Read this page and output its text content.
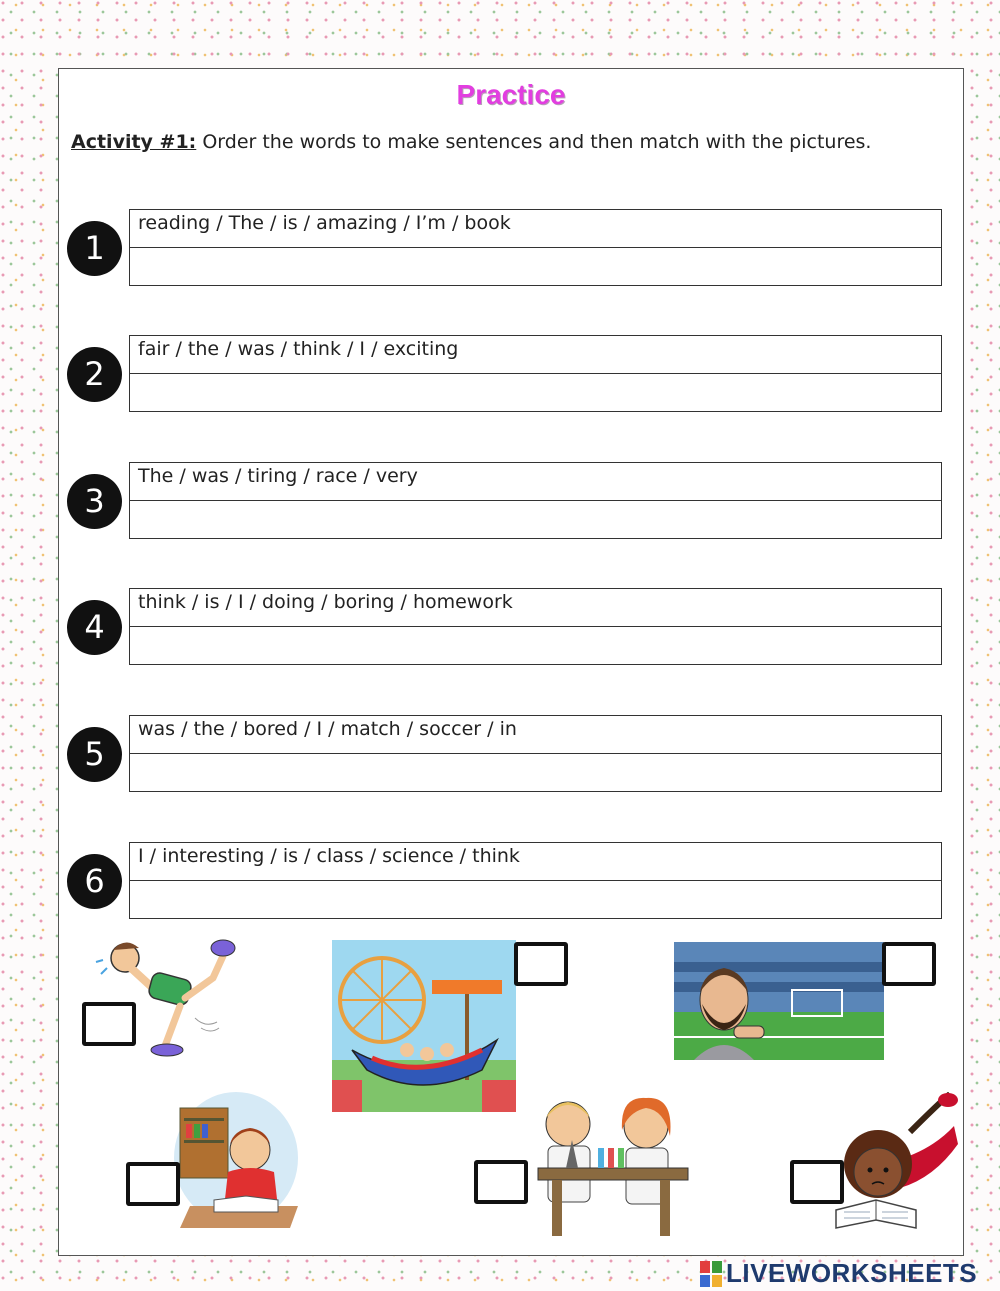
Practice
Activity #1: Order the words to make sentences and then match with the pictures.
1
reading / The / is / amazing / I’m / book
2
fair / the / was / think / I / exciting
3
The / was / tiring / race / very
4
think / is / I / doing / boring / homework
5
was / the / bored / I / match / soccer / in
6
I / interesting / is / class / science / think
LIVEWORKSHEETS
